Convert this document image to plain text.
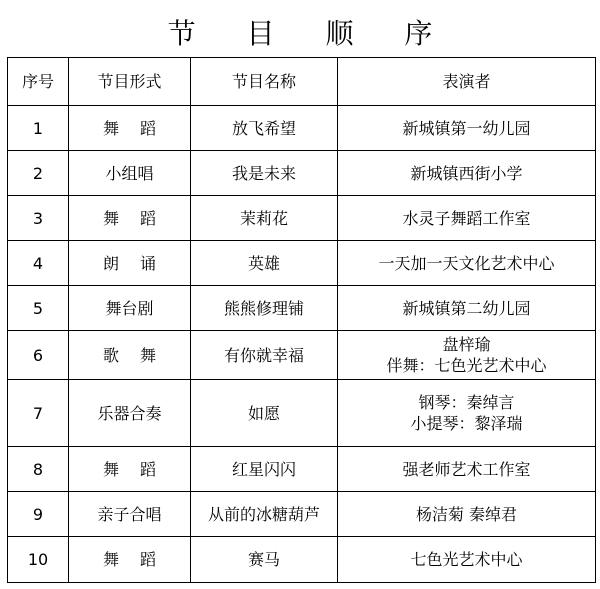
节 目 顺 序
序号	节目形式	节目名称	表演者
1	舞 蹈	放飞希望	新城镇第一幼儿园

2	小组唱	我是未来	新城镇西街小学

3	舞 蹈	茉莉花	水灵子舞蹈工作室

4	朗 诵	英雄	一天加一天文化艺术中心

5	舞台剧	熊熊修理铺	新城镇第二幼儿园

6	歌 舞	有你就幸福	盘梓瑜
伴舞：七色光艺术中心

7	乐器合奏	如愿	钢琴：秦绰言
小提琴：黎泽瑞

8	舞 蹈	红星闪闪	强老师艺术工作室

9	亲子合唱	从前的冰糖葫芦	杨洁菊 秦绰君

10	舞 蹈	赛马	七色光艺术中心
